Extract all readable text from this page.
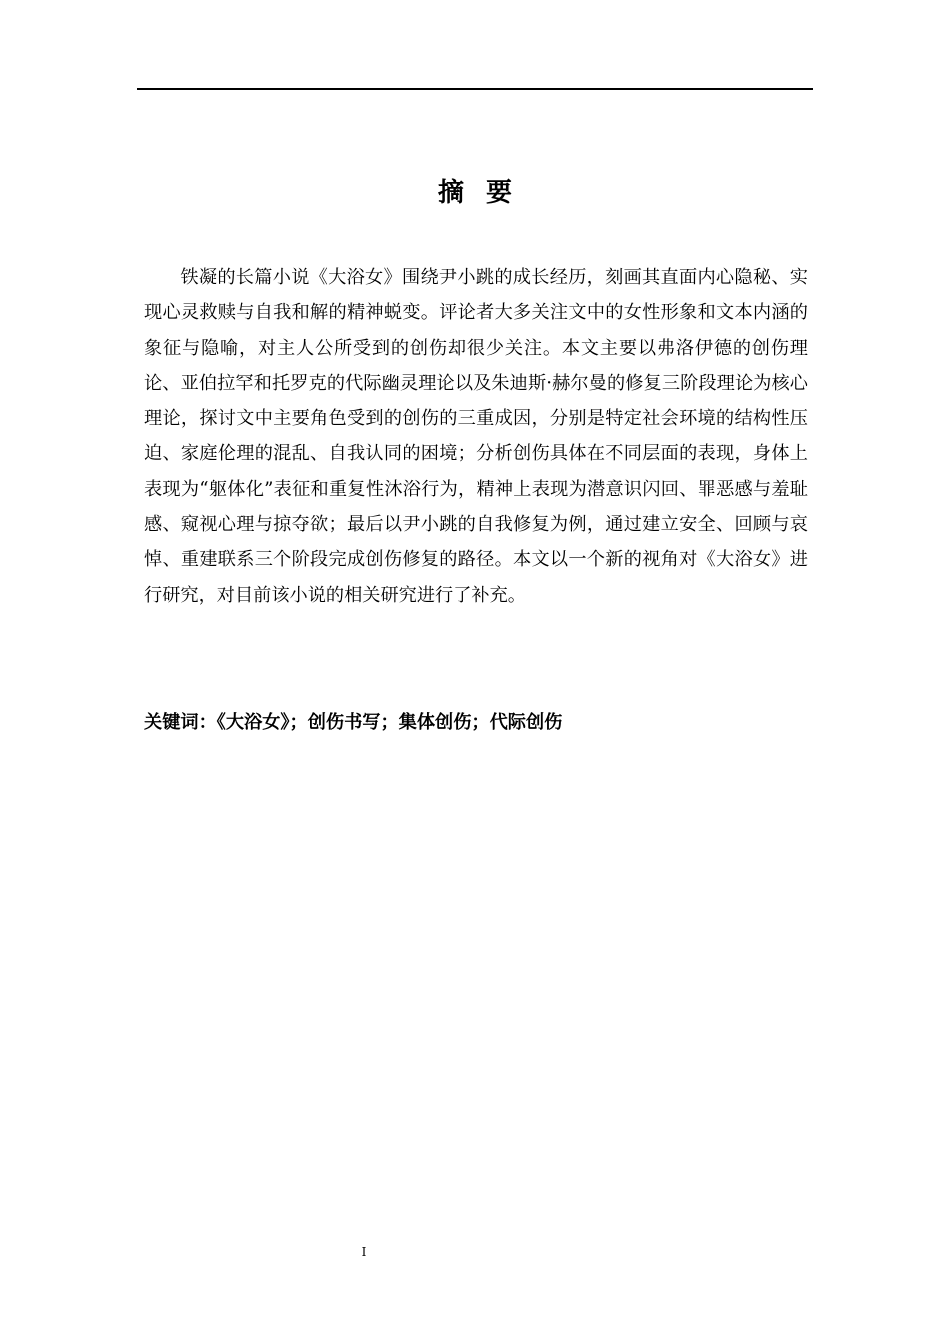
摘要

铁凝的长篇小说《大浴女》围绕尹小跳的成长经历，刻画其直面内心隐秘、实现心灵救赎与自我和解的精神蜕变。评论者大多关注文中的女性形象和文本内涵的象征与隐喻，对主人公所受到的创伤却很少关注。本文主要以弗洛伊德的创伤理论、亚伯拉罕和托罗克的代际幽灵理论以及朱迪斯·赫尔曼的修复三阶段理论为核心理论，探讨文中主要角色受到的创伤的三重成因，分别是特定社会环境的结构性压迫、家庭伦理的混乱、自我认同的困境；分析创伤具体在不同层面的表现，身体上表现为“躯体化”表征和重复性沐浴行为，精神上表现为潜意识闪回、罪恶感与羞耻感、窥视心理与掠夺欲；最后以尹小跳的自我修复为例，通过建立安全、回顾与哀悼、重建联系三个阶段完成创伤修复的路径。本文以一个新的视角对《大浴女》进行研究，对目前该小说的相关研究进行了补充。

关键词：《大浴女》；创伤书写；集体创伤；代际创伤
I
